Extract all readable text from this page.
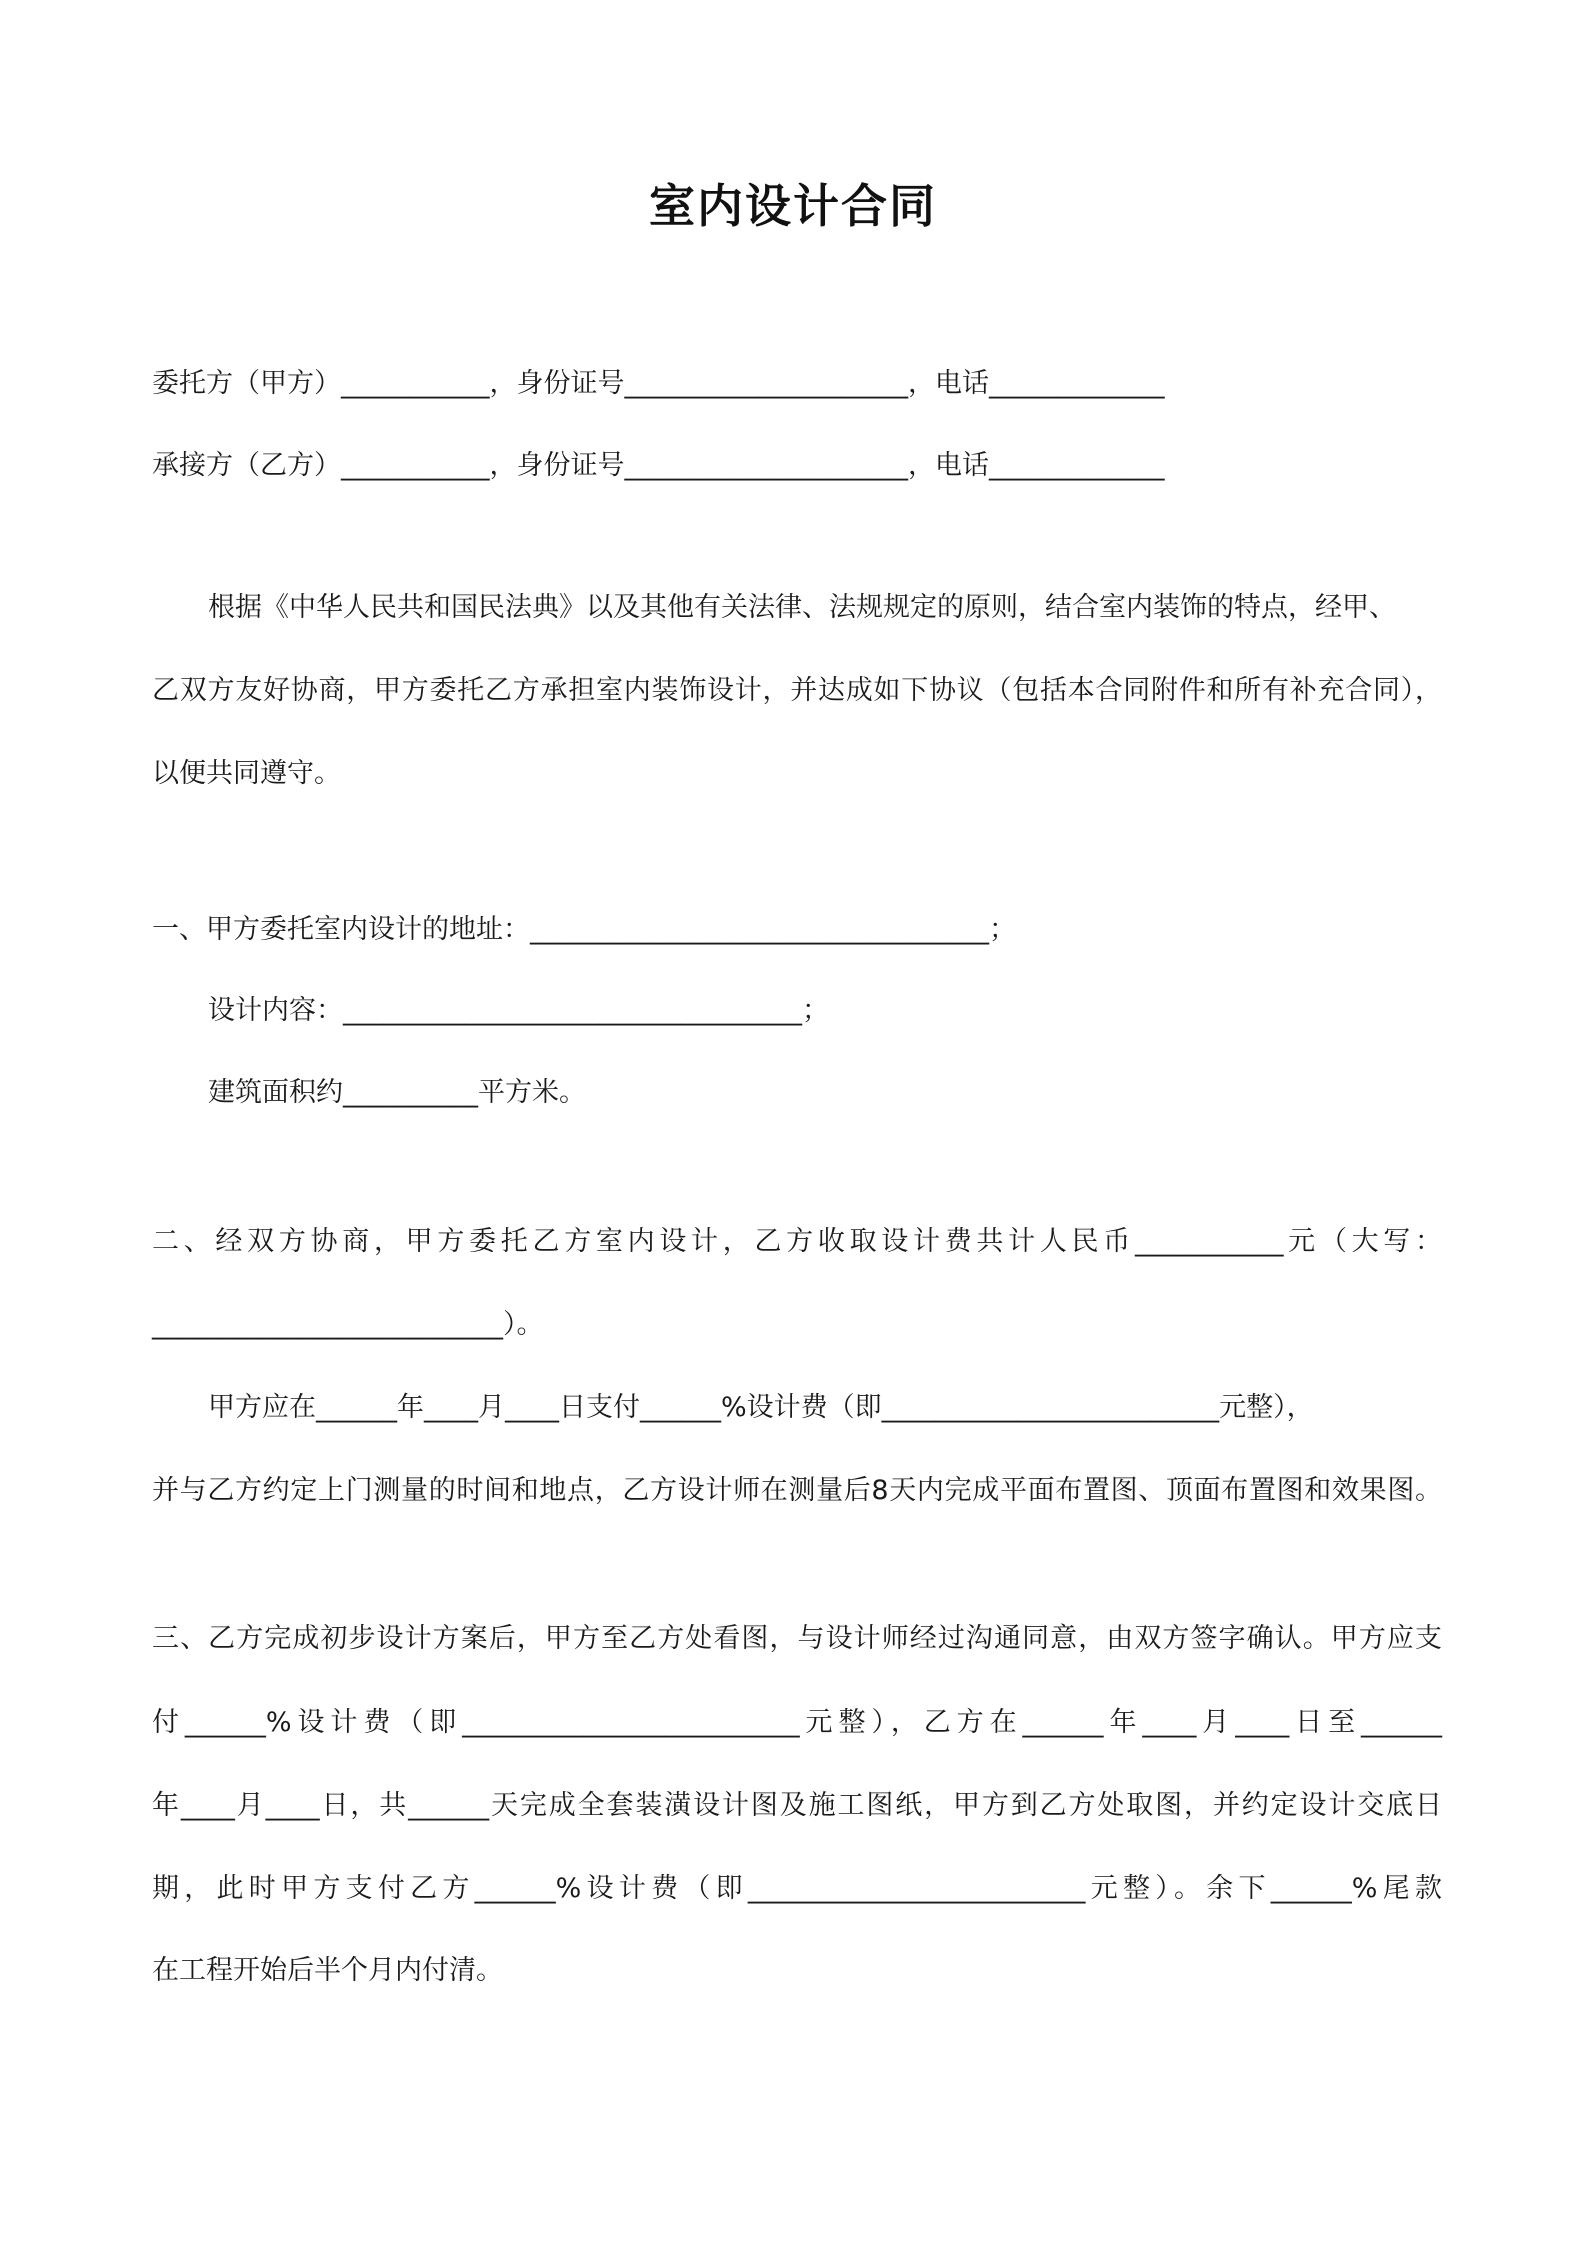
室内设计合同
委托方（甲方）___________，身份证号_____________________，电话_____________
承接方（乙方）___________，身份证号_____________________，电话_____________
根据《中华人民共和国民法典》以及其他有关法律、法规规定的原则，结合室内装饰的特点，经甲、
乙双方友好协商，甲方委托乙方承担室内装饰设计，并达成如下协议（包括本合同附件和所有补充合同），
以便共同遵守。
一、甲方委托室内设计的地址：__________________________________；
设计内容：__________________________________；
建筑面积约__________平方米。
二、经双方协商，甲方委托乙方室内设计，乙方收取设计费共计人民币___________元（大写：
__________________________）。
甲方应在______年____月____日支付______%设计费（即_________________________元整），
并与乙方约定上门测量的时间和地点，乙方设计师在测量后8天内完成平面布置图、顶面布置图和效果图。
三、乙方完成初步设计方案后，甲方至乙方处看图，与设计师经过沟通同意，由双方签字确认。甲方应支
付______%设计费（即_________________________元整），乙方在______年____月____日至______
年____月____日，共______天完成全套装潢设计图及施工图纸，甲方到乙方处取图，并约定设计交底日
期，此时甲方支付乙方______%设计费（即_________________________元整）。余下______%尾款
在工程开始后半个月内付清。
